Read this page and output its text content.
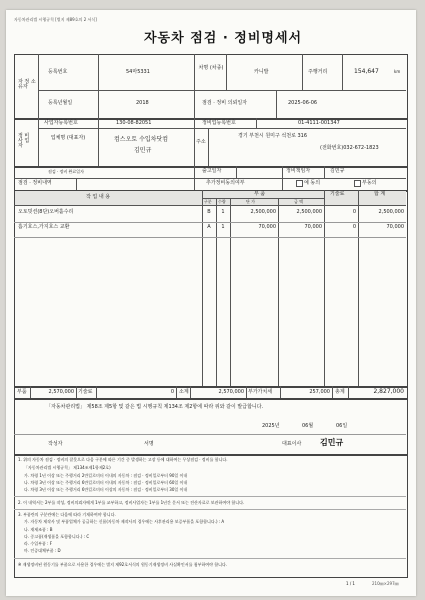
자동차관리법 시행규칙 [별지 제89호의 2 서식]
자동차 점검 · 정비명세서
자 정 소유자
등록번호	54마5331
차명 (차종)
카니발	주행거리	154,647	km
등록년월일	2018	점검 · 정비 의뢰일자	2025-06-06
정 비 사 업 자
사업자등록번호	130-08-82051	정비업등록번호	01-4111-001347
업체명 (대표자)	컴스오토 수입차닷컴
김민규
주소
경기 부천시 원미구 석천로 316
(전화번호)032-672-1823
점검 · 정비 완료일자	출고일자	정비책임자	김민규
점검 · 정비내역	추가정비동의여부	예 동의	부동의
작 업 내 용	부 품	기술료	합 계
구분 수량	단 가	금 액
오토밋션(8단)오버홀수리	B	1	2,500,000	2,500,000	0	2,500,000
흡기호스,가지호스 교환	A	1	70,000	70,000	0	70,000
부품	2,570,000 기술료	0 소계	2,570,000 부가가치세	257,000 총계	2,827,000
「자동차관리법」 제58조 제5항 및 같은 법 시행규칙 제134조 제2항에 따라 위와 같이 발급합니다.
2025년	06월	06일
작성자	서명	대표이사 김민규
1. 위의 자동차 점검 · 정비의 잘못으로 다음 구분에 따른 기간 중 발생하는 고장 등에 대하여는 무상점검 · 정비를 합니다.
「자동차관리법 시행규칙」 제134조제1항제2호)
가. 차령 1년 이상 또는 주행거리 2만킬로미터 이내의 자동차 : 점검 · 정비일로부터 90일 이내
나. 차령 3년 이상 또는 주행거리 6만킬로미터 이내의 자동차 : 점검 · 정비일로부터 60일 이내
다. 차령 3년 이상 또는 주행거리 6만킬로미터 이상의 자동차 : 점검 · 정비일로부터 30일 이내
2. 이 내역서는 2부를 작성, 정비의뢰자에게 1부를 교부하고, 정비사업자는 1부를 1년간 문서 또는 전산자료로 보관하여야 합니다.
3. 부품란의 구분란에는 다음에 따라 기재하여야 합니다.
가. 자동차 제작사 및 부품업체가 공급하는 신품(자동차 제작사의 경우에는 사후관리용 보증부품을 포함합니다.) : A
나. 재제조품 : B
다. 중고품(재생품을 포함합니다.) : C
라. 수입부품 : F
마. 인증대체부품 : D
※ 재생정비된 원동기를 부품으로 사용한 경우에는 별지 제92호서식의 원동기재생정비 사실확인서를 첨부하여야 합니다.
1 / 1	210㎜×297㎜
